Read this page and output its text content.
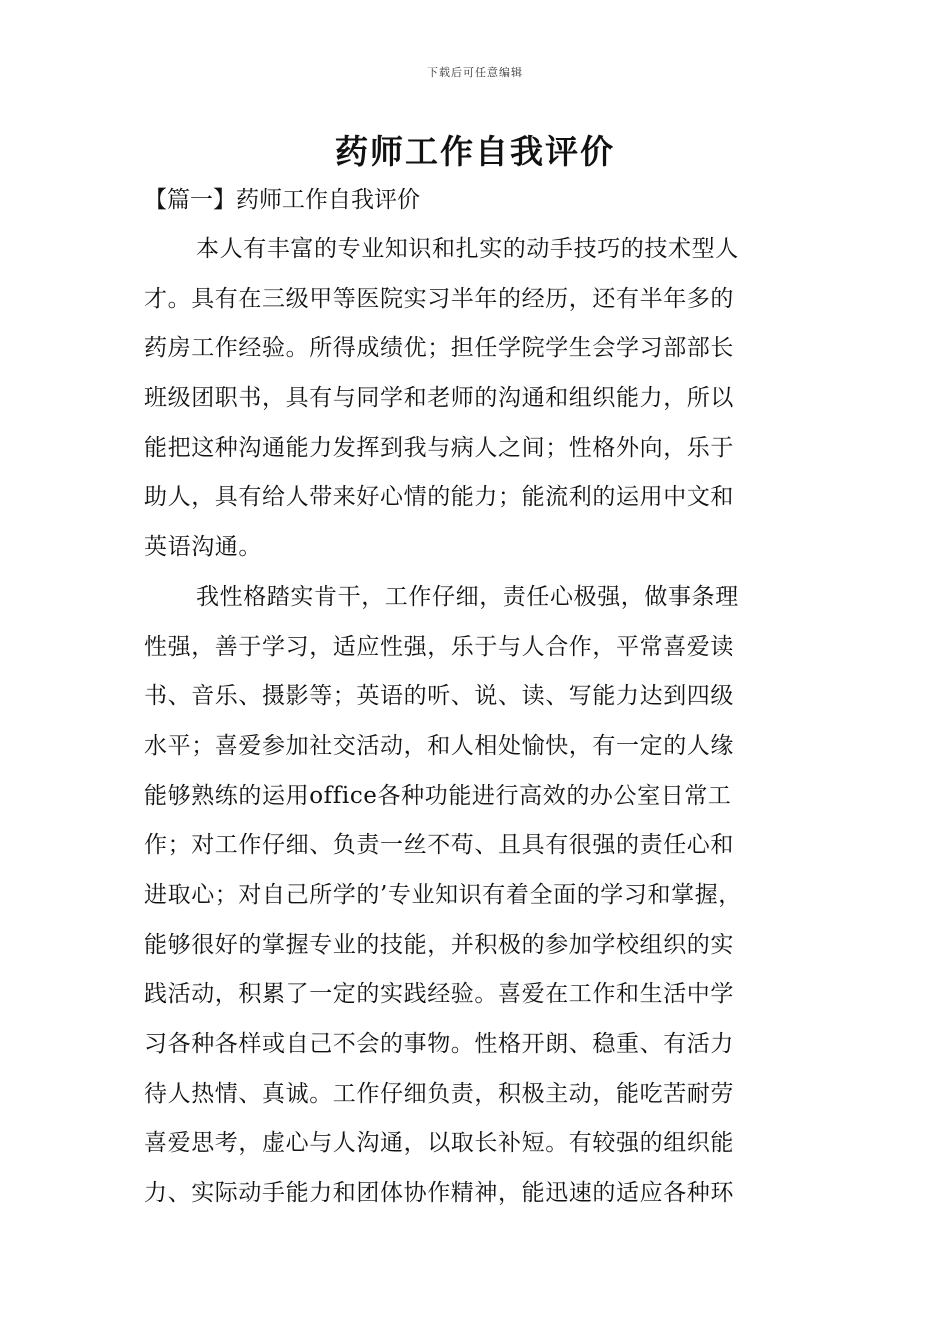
下载后可任意编辑
药师工作自我评价
【篇一】药师工作自我评价
本人有丰富的专业知识和扎实的动手技巧的技术型人
才。具有在三级甲等医院实习半年的经历，还有半年多的
药房工作经验。所得成绩优；担任学院学生会学习部部长
班级团职书，具有与同学和老师的沟通和组织能力，所以
能把这种沟通能力发挥到我与病人之间；性格外向，乐于
助人，具有给人带来好心情的能力；能流利的运用中文和
英语沟通。
我性格踏实肯干，工作仔细，责任心极强，做事条理
性强，善于学习，适应性强，乐于与人合作，平常喜爱读
书、音乐、摄影等；英语的听、说、读、写能力达到四级
水平；喜爱参加社交活动，和人相处愉快，有一定的人缘
能够熟练的运用office各种功能进行高效的办公室日常工
作；对工作仔细、负责一丝不苟、且具有很强的责任心和
进取心；对自己所学的’专业知识有着全面的学习和掌握，
能够很好的掌握专业的技能，并积极的参加学校组织的实
践活动，积累了一定的实践经验。喜爱在工作和生活中学
习各种各样或自己不会的事物。性格开朗、稳重、有活力
待人热情、真诚。工作仔细负责，积极主动，能吃苦耐劳
喜爱思考，虚心与人沟通，以取长补短。有较强的组织能
力、实际动手能力和团体协作精神，能迅速的适应各种环
